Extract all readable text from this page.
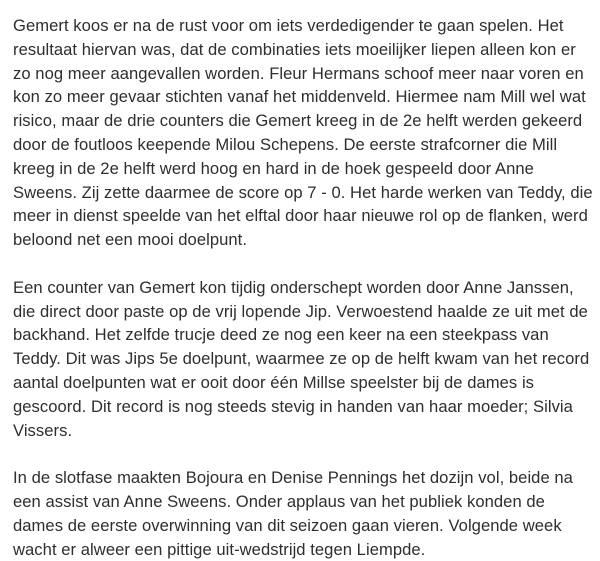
Gemert koos er na de rust voor om iets verdedigender te gaan spelen. Het
resultaat hiervan was, dat de combinaties iets moeilijker liepen alleen kon er
zo nog meer aangevallen worden. Fleur Hermans schoof meer naar voren en
kon zo meer gevaar stichten vanaf het middenveld. Hiermee nam Mill wel wat
risico, maar de drie counters die Gemert kreeg in de 2e helft werden gekeerd
door de foutloos keepende Milou Schepens. De eerste strafcorner die Mill
kreeg in de 2e helft werd hoog en hard in de hoek gespeeld door Anne
Sweens. Zij zette daarmee de score op 7 - 0. Het harde werken van Teddy, die
meer in dienst speelde van het elftal door haar nieuwe rol op de flanken, werd
beloond net een mooi doelpunt.

Een counter van Gemert kon tijdig onderschept worden door Anne Janssen,
die direct door paste op de vrij lopende Jip. Verwoestend haalde ze uit met de
backhand. Het zelfde trucje deed ze nog een keer na een steekpass van
Teddy. Dit was Jips 5e doelpunt, waarmee ze op de helft kwam van het record
aantal doelpunten wat er ooit door één Millse speelster bij de dames is
gescoord. Dit record is nog steeds stevig in handen van haar moeder; Silvia
Vissers.

In de slotfase maakten Bojoura en Denise Pennings het dozijn vol, beide na
een assist van Anne Sweens. Onder applaus van het publiek konden de
dames de eerste overwinning van dit seizoen gaan vieren. Volgende week
wacht er alweer een pittige uit-wedstrijd tegen Liempde.
